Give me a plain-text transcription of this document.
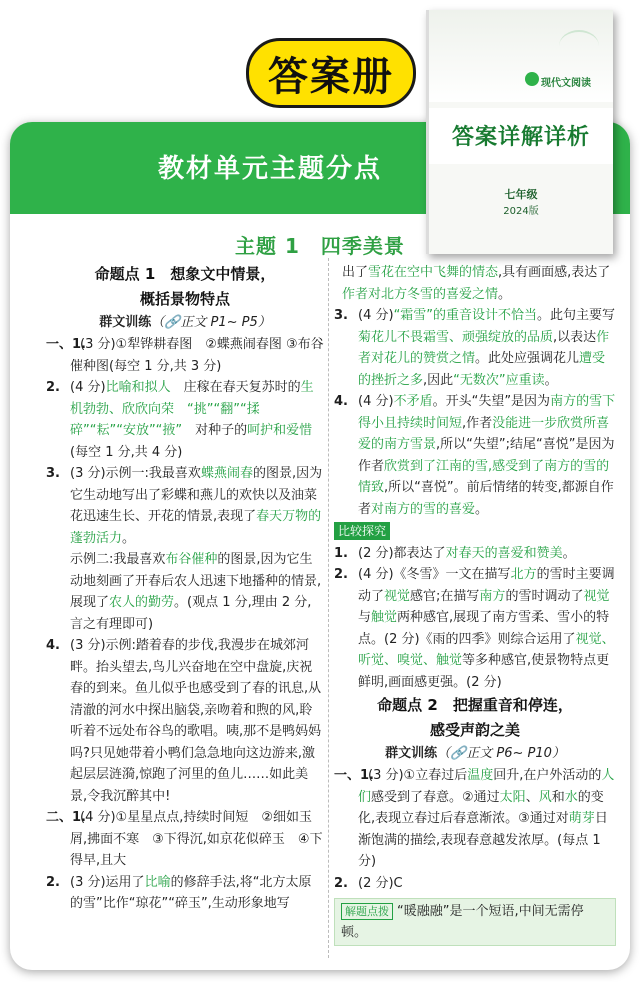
答案册
教材单元主题分点
主题 1　四季美景
现代文阅读
答案详解详析
七年级
2024版
命题点 1　想象文中情景，
概括景物特点
群文训练（🔗正文 P1~ P5）
一、1.
(3 分)①犁铧耕春图　②蝶燕闹春图 ③布谷催种图(每空 1 分,共 3 分)
2. (4 分)比喻和拟人　庄稼在春天复苏时的生机勃勃、欣欣向荣　“挑”“翻”“揉碎”“耘”“安放”“掖”　对种子的呵护和爱惜
(每空 1 分,共 4 分)
3. (3 分)示例一:我最喜欢蝶燕闹春的图景,因为它生动地写出了彩蝶和燕儿的欢快以及油菜花迅速生长、开花的情景,表现了春天万物的蓬勃活力。
示例二:我最喜欢布谷催种的图景,因为它生动地刻画了开春后农人迅速下地播种的情景,展现了农人的勤劳。(观点 1 分,理由 2 分,言之有理即可)
4. (3 分)示例:踏着春的步伐,我漫步在城郊河畔。抬头望去,鸟儿兴奋地在空中盘旋,庆祝春的到来。鱼儿似乎也感受到了春的讯息,从清澈的河水中探出脑袋,亲吻着和煦的风,聆听着不远处布谷鸟的歌唱。咦,那不是鸭妈妈吗?只见她带着小鸭们急急地向这边游来,激起层层涟漪,惊跑了河里的鱼儿……如此美景,令我沉醉其中!
二、1.
(4 分)①星星点点,持续时间短　②细如玉屑,拂面不寒　③下得沉,如京花似碎玉　④下得早,且大
2. (3 分)运用了比喻的修辞手法,将“北方太原的雪”比作“琼花”“碎玉”,生动形象地写
出了雪花在空中飞舞的情态,具有画面感,表达了作者对北方冬雪的喜爱之情。
3. (4 分)“霜雪”的重音设计不恰当。此句主要写菊花儿不畏霜雪、顽强绽放的品质,以表达作者对花儿的赞赏之情。此处应强调花儿遭受的挫折之多,因此“无数次”应重读。
4. (4 分)不矛盾。开头“失望”是因为南方的雪下得小且持续时间短,作者没能进一步欣赏所喜爱的南方雪景,所以“失望”;结尾“喜悦”是因为作者欣赏到了江南的雪,感受到了南方的雪的情致,所以“喜悦”。前后情绪的转变,都源自作者对南方的雪的喜爱。
比较探究
1. (2 分)都表达了对春天的喜爱和赞美。
2. (4 分)《冬雪》一文在描写北方的雪时主要调动了视觉感官;在描写南方的雪时调动了视觉与触觉两种感官,展现了南方雪柔、雪小的特点。(2 分)《雨的四季》则综合运用了视觉、听觉、嗅觉、触觉等多种感官,使景物特点更鲜明,画面感更强。(2 分)
命题点 2　把握重音和停连，
感受声韵之美
群文训练（🔗正文 P6~ P10）
一、1.
(3 分)①立春过后温度回升,在户外活动的人们感受到了春意。②通过太阳、风和水的变化,表现立春过后春意渐浓。③通过对萌芽日渐饱满的描绘,表现春意越发浓厚。(每点 1 分)
2. (2 分)C
解题点拨 “暖融融”是一个短语,中间无需停顿。
